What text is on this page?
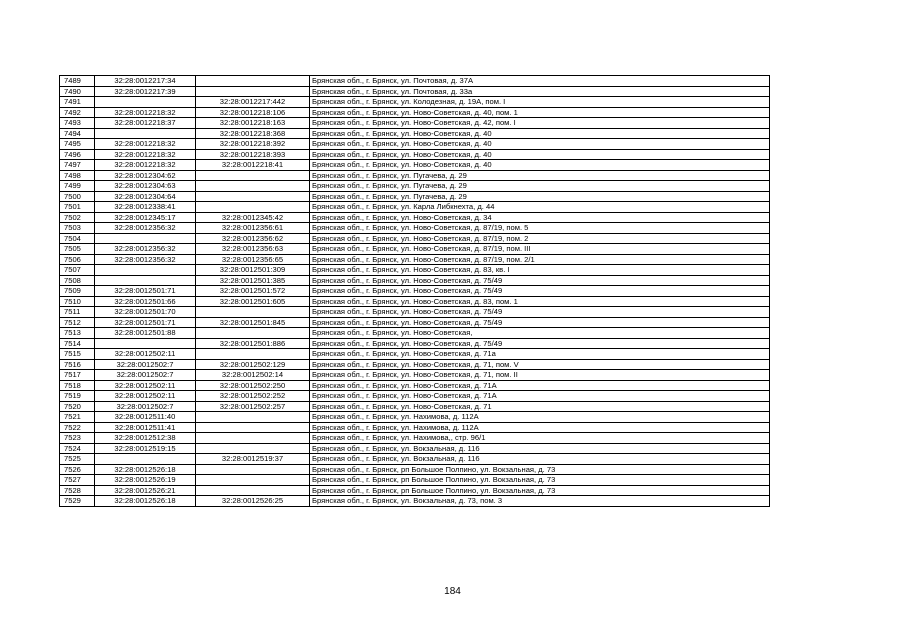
7489	32:28:0012217:34		Брянская обл., г. Брянск, ул. Почтовая, д. 37А
7490	32:28:0012217:39		Брянская обл., г. Брянск, ул. Почтовая, д. 33а
7491		32:28:0012217:442	Брянская обл., г. Брянск, ул. Колодезная, д. 19А, пом. I
7492	32:28:0012218:32	32:28:0012218:106	Брянская обл., г. Брянск, ул. Ново-Советская, д. 40, пом. 1
7493	32:28:0012218:37	32:28:0012218:163	Брянская обл., г. Брянск, ул. Ново-Советская, д. 42, пом. I
7494		32:28:0012218:368	Брянская обл., г. Брянск, ул. Ново-Советская, д. 40
7495	32:28:0012218:32	32:28:0012218:392	Брянская обл., г. Брянск, ул. Ново-Советская, д. 40
7496	32:28:0012218:32	32:28:0012218:393	Брянская обл., г. Брянск, ул. Ново-Советская, д. 40
7497	32:28:0012218:32	32:28:0012218:41	Брянская обл., г. Брянск, ул. Ново-Советская, д. 40
7498	32:28:0012304:62		Брянская обл., г. Брянск, ул. Пугачева, д. 29
7499	32:28:0012304:63		Брянская обл., г. Брянск, ул. Пугачева, д. 29
7500	32:28:0012304:64		Брянская обл., г. Брянск, ул. Пугачева, д. 29
7501	32:28:0012338:41		Брянская обл., г. Брянск, ул. Карла Либкнехта, д. 44
7502	32:28:0012345:17	32:28:0012345:42	Брянская обл., г. Брянск, ул. Ново-Советская, д. 34
7503	32:28:0012356:32	32:28:0012356:61	Брянская обл., г. Брянск, ул. Ново-Советская, д. 87/19, пом. 5
7504		32:28:0012356:62	Брянская обл., г. Брянск, ул. Ново-Советская, д. 87/19, пом. 2
7505	32:28:0012356:32	32:28:0012356:63	Брянская обл., г. Брянск, ул. Ново-Советская, д. 87/19, пом. III
7506	32:28:0012356:32	32:28:0012356:65	Брянская обл., г. Брянск, ул. Ново-Советская, д. 87/19, пом. 2/1
7507		32:28:0012501:309	Брянская обл., г. Брянск, ул. Ново-Советская, д. 83, кв. I
7508		32:28:0012501:385	Брянская обл., г. Брянск, ул. Ново-Советская, д. 75/49
7509	32:28:0012501:71	32:28:0012501:572	Брянская обл., г. Брянск, ул. Ново-Советская, д. 75/49
7510	32:28:0012501:66	32:28:0012501:605	Брянская обл., г. Брянск, ул. Ново-Советская, д. 83, пом. 1
7511	32:28:0012501:70		Брянская обл., г. Брянск, ул. Ново-Советская, д. 75/49
7512	32:28:0012501:71	32:28:0012501:845	Брянская обл., г. Брянск, ул. Ново-Советская, д. 75/49
7513	32:28:0012501:88		Брянская обл., г. Брянск, ул. Ново-Советская,
7514		32:28:0012501:886	Брянская обл., г. Брянск, ул. Ново-Советская, д. 75/49
7515	32:28:0012502:11		Брянская обл., г. Брянск, ул. Ново-Советская, д. 71а
7516	32:28:0012502:7	32:28:0012502:129	Брянская обл., г. Брянск, ул. Ново-Советская, д. 71, пом. V
7517	32:28:0012502:7	32:28:0012502:14	Брянская обл., г. Брянск, ул. Ново-Советская, д. 71, пом. II
7518	32:28:0012502:11	32:28:0012502:250	Брянская обл., г. Брянск, ул. Ново-Советская, д. 71А
7519	32:28:0012502:11	32:28:0012502:252	Брянская обл., г. Брянск, ул. Ново-Советская, д. 71А
7520	32:28:0012502:7	32:28:0012502:257	Брянская обл., г. Брянск, ул. Ново-Советская, д. 71
7521	32:28:0012511:40		Брянская обл., г. Брянск, ул. Нахимова, д. 112А
7522	32:28:0012511:41		Брянская обл., г. Брянск, ул. Нахимова, д. 112А
7523	32:28:0012512:38		Брянская обл., г. Брянск, ул. Нахимова,, стр. 96/1
7524	32:28:0012519:15		Брянская обл., г. Брянск, ул. Вокзальная, д. 116
7525		32:28:0012519:37	Брянская обл., г. Брянск, ул. Вокзальная, д. 116
7526	32:28:0012526:18		Брянская обл., г. Брянск, рп Большое Полпино, ул. Вокзальная, д. 73
7527	32:28:0012526:19		Брянская обл., г. Брянск, рп Большое Полпино, ул. Вокзальная, д. 73
7528	32:28:0012526:21		Брянская обл., г. Брянск, рп Большое Полпино, ул. Вокзальная, д. 73
7529	32:28:0012526:18	32:28:0012526:25	Брянская обл., г. Брянск, ул. Вокзальная, д. 73, пом. 3
184
